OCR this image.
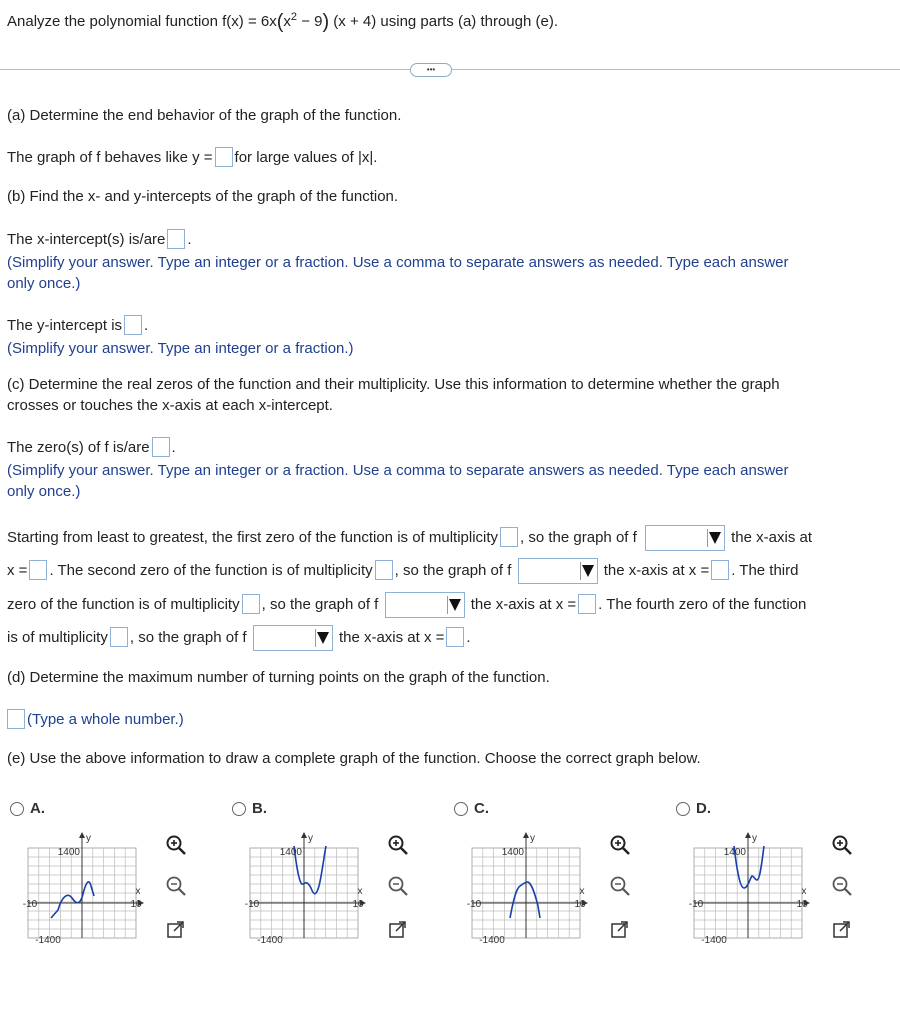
Analyze the polynomial function $f(x) = 6x(x^2 - 9) (x + 4)$ using parts (a) through (e).
•••
(a) Determine the end behavior of the graph of the function.
The graph of f behaves like y = for large values of |x|.
(b) Find the x- and y-intercepts of the graph of the function.
The x-intercept(s) is/are .
(Simplify your answer. Type an integer or a fraction. Use a comma to separate answers as needed. Type each answer
only once.)
The y-intercept is .
(Simplify your answer. Type an integer or a fraction.)
(c) Determine the real zeros of the function and their multiplicity. Use this information to determine whether the graph
crosses or touches the x-axis at each x-intercept.
The zero(s) of f is/are .
(Simplify your answer. Type an integer or a fraction. Use a comma to separate answers as needed. Type each answer
only once.)
Starting from least to greatest, the first zero of the function is of multiplicity , so the graph of f	the x-axis at
x = . The second zero of the function is of multiplicity , so the graph of f	the x-axis at x = . The third
zero of the function is of multiplicity , so the graph of f	the x-axis at x = . The fourth zero of the function
is of multiplicity , so the graph of f	the x-axis at x = .
(d) Determine the maximum number of turning points on the graph of the function.
(Type a whole number.)
(e) Use the above information to draw a complete graph of the function. Choose the correct graph below.
A.
y
1400
-1400
-10	10
x
B.
y
1400
-1400
-10	10
x
C.
y
1400
-1400
-10	10
x
D.
y
1400
-1400
-10	10
x
